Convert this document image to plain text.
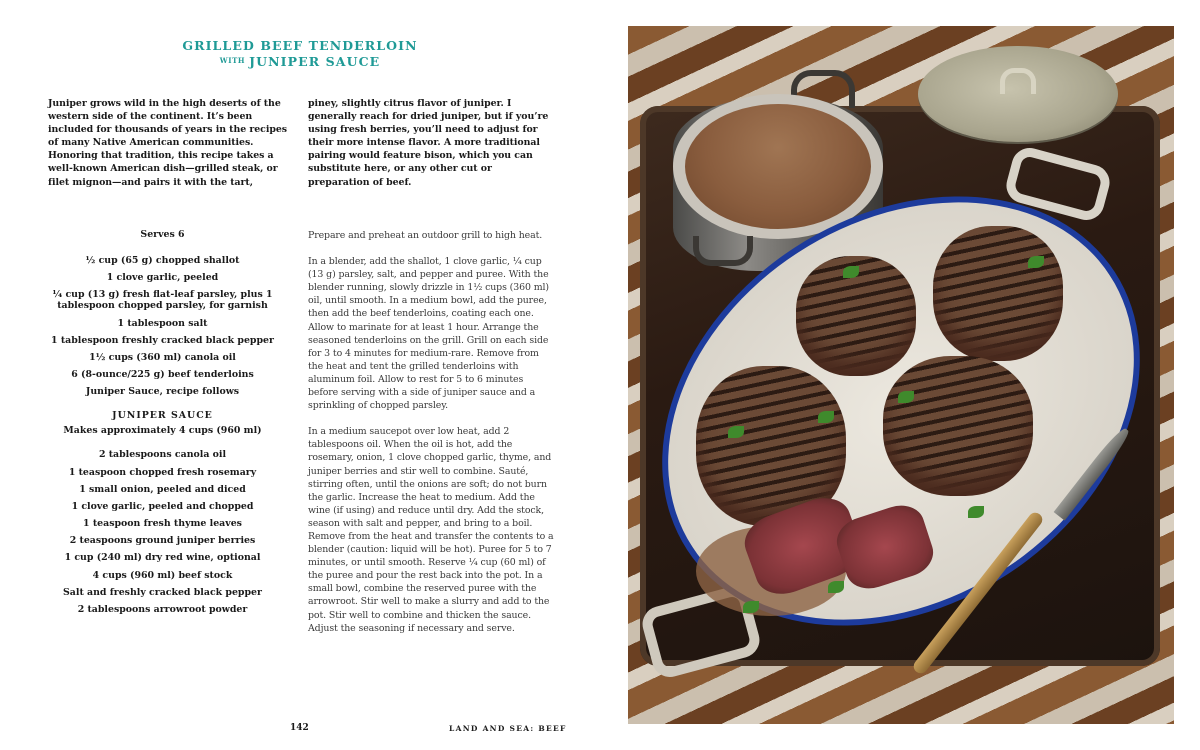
GRILLED BEEF TENDERLOIN
WITH JUNIPER SAUCE
Juniper grows wild in the high deserts of the western side of the continent. It’s been included for thousands of years in the recipes of many Native American communities. Honoring that tradition, this recipe takes a well-known American dish—grilled steak, or filet mignon—and pairs it with the tart,
piney, slightly citrus flavor of juniper. I generally reach for dried juniper, but if you’re using fresh berries, you’ll need to adjust for their more intense flavor. A more traditional pairing would feature bison, which you can substitute here, or any other cut or preparation of beef.
Serves 6
½ cup (65 g) chopped shallot
1 clove garlic, peeled
¼ cup (13 g) fresh flat-leaf parsley, plus 1 tablespoon chopped parsley, for garnish
1 tablespoon salt
1 tablespoon freshly cracked black pepper
1½ cups (360 ml) canola oil
6 (8-ounce/225 g) beef tenderloins
Juniper Sauce, recipe follows
JUNIPER SAUCE
Makes approximately 4 cups (960 ml)
2 tablespoons canola oil
1 teaspoon chopped fresh rosemary
1 small onion, peeled and diced
1 clove garlic, peeled and chopped
1 teaspoon fresh thyme leaves
2 teaspoons ground juniper berries
1 cup (240 ml) dry red wine, optional
4 cups (960 ml) beef stock
Salt and freshly cracked black pepper
2 tablespoons arrowroot powder

Prepare and preheat an outdoor grill to high heat.

In a blender, add the shallot, 1 clove garlic, ¼ cup (13 g) parsley, salt, and pepper and puree. With the blender running, slowly drizzle in 1½ cups (360 ml) oil, until smooth. In a medium bowl, add the puree, then add the beef tenderloins, coating each one. Allow to marinate for at least 1 hour. Arrange the seasoned tenderloins on the grill. Grill on each side for 3 to 4 minutes for medium-rare. Remove from the heat and tent the grilled tenderloins with aluminum foil. Allow to rest for 5 to 6 minutes before serving with a side of juniper sauce and a sprinkling of chopped parsley.

In a medium saucepot over low heat, add 2 tablespoons oil. When the oil is hot, add the rosemary, onion, 1 clove chopped garlic, thyme, and juniper berries and stir well to combine. Sauté, stirring often, until the onions are soft; do not burn the garlic. Increase the heat to medium. Add the wine (if using) and reduce until dry. Add the stock, season with salt and pepper, and bring to a boil. Remove from the heat and transfer the contents to a blender (caution: liquid will be hot). Puree for 5 to 7 minutes, or until smooth. Reserve ¼ cup (60 ml) of the puree and pour the rest back into the pot. In a small bowl, combine the reserved puree with the arrowroot. Stir well to make a slurry and add to the pot. Stir well to combine and thicken the sauce. Adjust the seasoning if necessary and serve.

142	LAND AND SEA: BEEF
